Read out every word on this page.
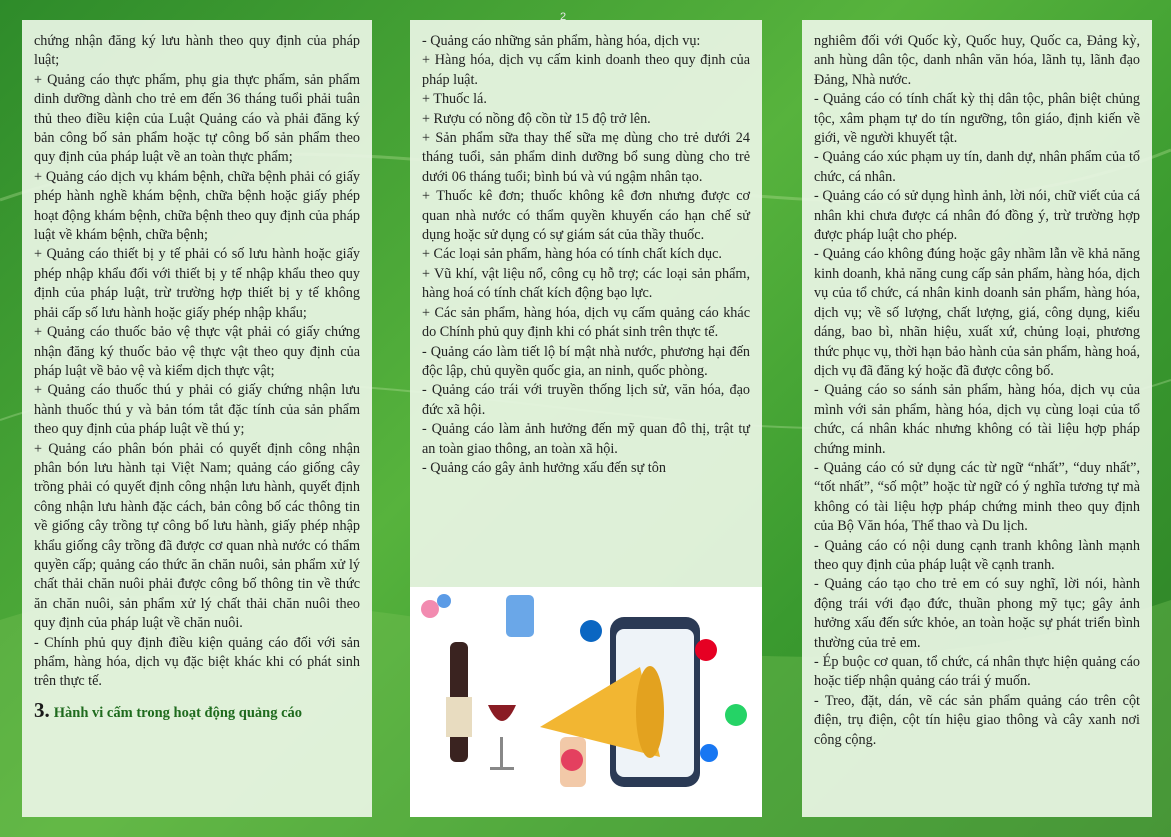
chứng nhận đăng ký lưu hành theo quy định của pháp luật;

+ Quảng cáo thực phẩm, phụ gia thực phẩm, sản phẩm dinh dưỡng dành cho trẻ em đến 36 tháng tuổi phải tuân thủ theo điều kiện của Luật Quảng cáo và phải đăng ký bản công bố sản phẩm hoặc tự công bố sản phẩm theo quy định của pháp luật về an toàn thực phẩm;

+ Quảng cáo dịch vụ khám bệnh, chữa bệnh phải có giấy phép hành nghề khám bệnh, chữa bệnh hoặc giấy phép hoạt động khám bệnh, chữa bệnh theo quy định của pháp luật về khám bệnh, chữa bệnh;

+ Quảng cáo thiết bị y tế phải có số lưu hành hoặc giấy phép nhập khẩu đối với thiết bị y tế nhập khẩu theo quy định của pháp luật, trừ trường hợp thiết bị y tế không phải cấp số lưu hành hoặc giấy phép nhập khẩu;

+ Quảng cáo thuốc bảo vệ thực vật phải có giấy chứng nhận đăng ký thuốc bảo vệ thực vật theo quy định của pháp luật về bảo vệ và kiểm dịch thực vật;

+ Quảng cáo thuốc thú y phải có giấy chứng nhận lưu hành thuốc thú y và bản tóm tắt đặc tính của sản phẩm theo quy định của pháp luật về thú y;

+ Quảng cáo phân bón phải có quyết định công nhận phân bón lưu hành tại Việt Nam; quảng cáo giống cây trồng phải có quyết định công nhận lưu hành, quyết định công nhận lưu hành đặc cách, bản công bố các thông tin về giống cây trồng tự công bố lưu hành, giấy phép nhập khẩu giống cây trồng đã được cơ quan nhà nước có thẩm quyền cấp; quảng cáo thức ăn chăn nuôi, sản phẩm xử lý chất thải chăn nuôi phải được công bố thông tin về thức ăn chăn nuôi, sản phẩm xử lý chất thải chăn nuôi theo quy định của pháp luật về chăn nuôi.

- Chính phủ quy định điều kiện quảng cáo đối với sản phẩm, hàng hóa, dịch vụ đặc biệt khác khi có phát sinh trên thực tế.

3. Hành vi cấm trong hoạt động quảng cáo
2

- Quảng cáo những sản phẩm, hàng hóa, dịch vụ:

+ Hàng hóa, dịch vụ cấm kinh doanh theo quy định của pháp luật.

+ Thuốc lá.

+ Rượu có nồng độ cồn từ 15 độ trở lên.

+ Sản phẩm sữa thay thế sữa mẹ dùng cho trẻ dưới 24 tháng tuổi, sản phẩm dinh dưỡng bổ sung dùng cho trẻ dưới 06 tháng tuổi; bình bú và vú ngậm nhân tạo.

+ Thuốc kê đơn; thuốc không kê đơn nhưng được cơ quan nhà nước có thẩm quyền khuyến cáo hạn chế sử dụng hoặc sử dụng có sự giám sát của thầy thuốc.

+ Các loại sản phẩm, hàng hóa có tính chất kích dục.

+ Vũ khí, vật liệu nổ, công cụ hỗ trợ; các loại sản phẩm, hàng hoá có tính chất kích động bạo lực.

+ Các sản phẩm, hàng hóa, dịch vụ cấm quảng cáo khác do Chính phủ quy định khi có phát sinh trên thực tế.

- Quảng cáo làm tiết lộ bí mật nhà nước, phương hại đến độc lập, chủ quyền quốc gia, an ninh, quốc phòng.

- Quảng cáo trái với truyền thống lịch sử, văn hóa, đạo đức xã hội.

- Quảng cáo làm ảnh hưởng đến mỹ quan đô thị, trật tự an toàn giao thông, an toàn xã hội.

- Quảng cáo gây ảnh hưởng xấu đến sự tôn

nghiêm đối với Quốc kỳ, Quốc huy, Quốc ca, Đảng kỳ, anh hùng dân tộc, danh nhân văn hóa, lãnh tụ, lãnh đạo Đảng, Nhà nước.

- Quảng cáo có tính chất kỳ thị dân tộc, phân biệt chủng tộc, xâm phạm tự do tín ngưỡng, tôn giáo, định kiến về giới, về người khuyết tật.

- Quảng cáo xúc phạm uy tín, danh dự, nhân phẩm của tổ chức, cá nhân.

- Quảng cáo có sử dụng hình ảnh, lời nói, chữ viết của cá nhân khi chưa được cá nhân đó đồng ý, trừ trường hợp được pháp luật cho phép.

- Quảng cáo không đúng hoặc gây nhầm lẫn về khả năng kinh doanh, khả năng cung cấp sản phẩm, hàng hóa, dịch vụ của tổ chức, cá nhân kinh doanh sản phẩm, hàng hóa, dịch vụ; về số lượng, chất lượng, giá, công dụng, kiểu dáng, bao bì, nhãn hiệu, xuất xứ, chủng loại, phương thức phục vụ, thời hạn bảo hành của sản phẩm, hàng hoá, dịch vụ đã đăng ký hoặc đã được công bố.

- Quảng cáo so sánh sản phẩm, hàng hóa, dịch vụ của mình với sản phẩm, hàng hóa, dịch vụ cùng loại của tổ chức, cá nhân khác nhưng không có tài liệu hợp pháp chứng minh.

- Quảng cáo có sử dụng các từ ngữ “nhất”, “duy nhất”, “tốt nhất”, “số một” hoặc từ ngữ có ý nghĩa tương tự mà không có tài liệu hợp pháp chứng minh theo quy định của Bộ Văn hóa, Thể thao và Du lịch.

- Quảng cáo có nội dung cạnh tranh không lành mạnh theo quy định của pháp luật về cạnh tranh.

- Quảng cáo tạo cho trẻ em có suy nghĩ, lời nói, hành động trái với đạo đức, thuần phong mỹ tục; gây ảnh hưởng xấu đến sức khỏe, an toàn hoặc sự phát triển bình thường của trẻ em.

- Ép buộc cơ quan, tổ chức, cá nhân thực hiện quảng cáo hoặc tiếp nhận quảng cáo trái ý muốn.

- Treo, đặt, dán, vẽ các sản phẩm quảng cáo trên cột điện, trụ điện, cột tín hiệu giao thông và cây xanh nơi công cộng.
